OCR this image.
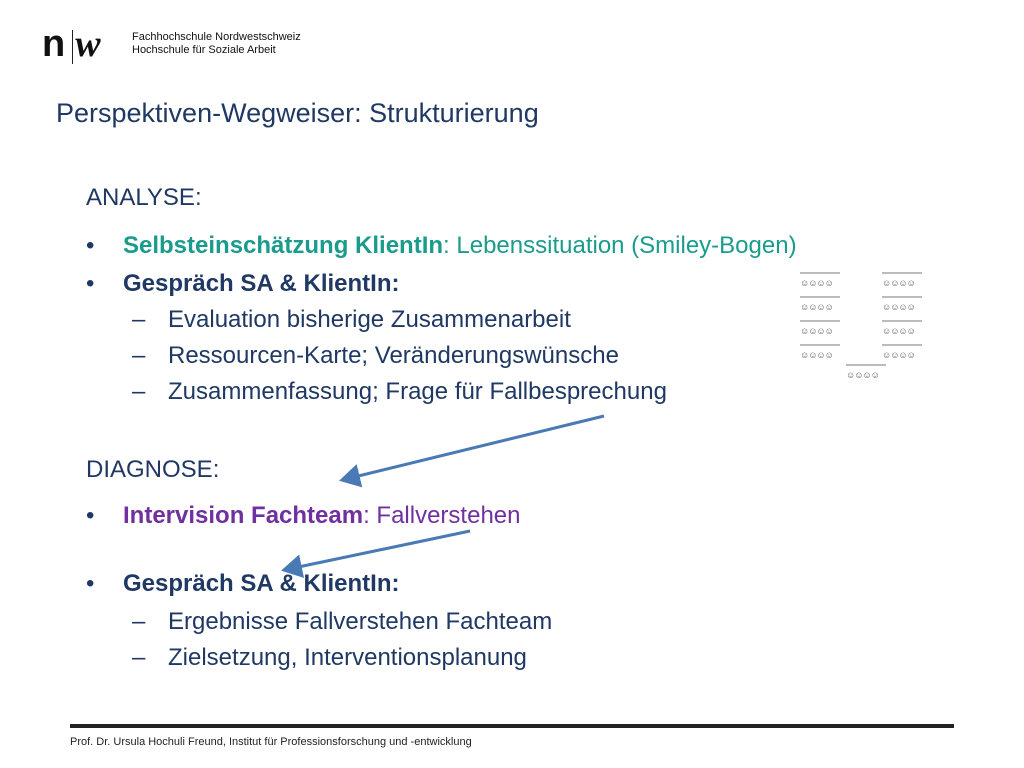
n w	Fachhochschule Nordwestschweiz
Hochschule für Soziale Arbeit
Perspektiven-Wegweiser: Strukturierung
ANALYSE:
• Selbsteinschätzung KlientIn: Lebenssituation (Smiley-Bogen)
• Gespräch SA & KlientIn:
– Evaluation bisherige Zusammenarbeit
– Ressourcen-Karte; Veränderungswünsche
– Zusammenfassung; Frage für Fallbesprechung
DIAGNOSE:
• Intervision Fachteam: Fallverstehen
• Gespräch SA & KlientIn:
– Ergebnisse Fallverstehen Fachteam
– Zielsetzung, Interventionsplanung
☺☺☺☺	☺☺☺☺
☺☺☺☺	☺☺☺☺
☺☺☺☺	☺☺☺☺
☺☺☺☺	☺☺☺☺
☺☺☺☺
Prof. Dr. Ursula Hochuli Freund, Institut für Professionsforschung und -entwicklung
